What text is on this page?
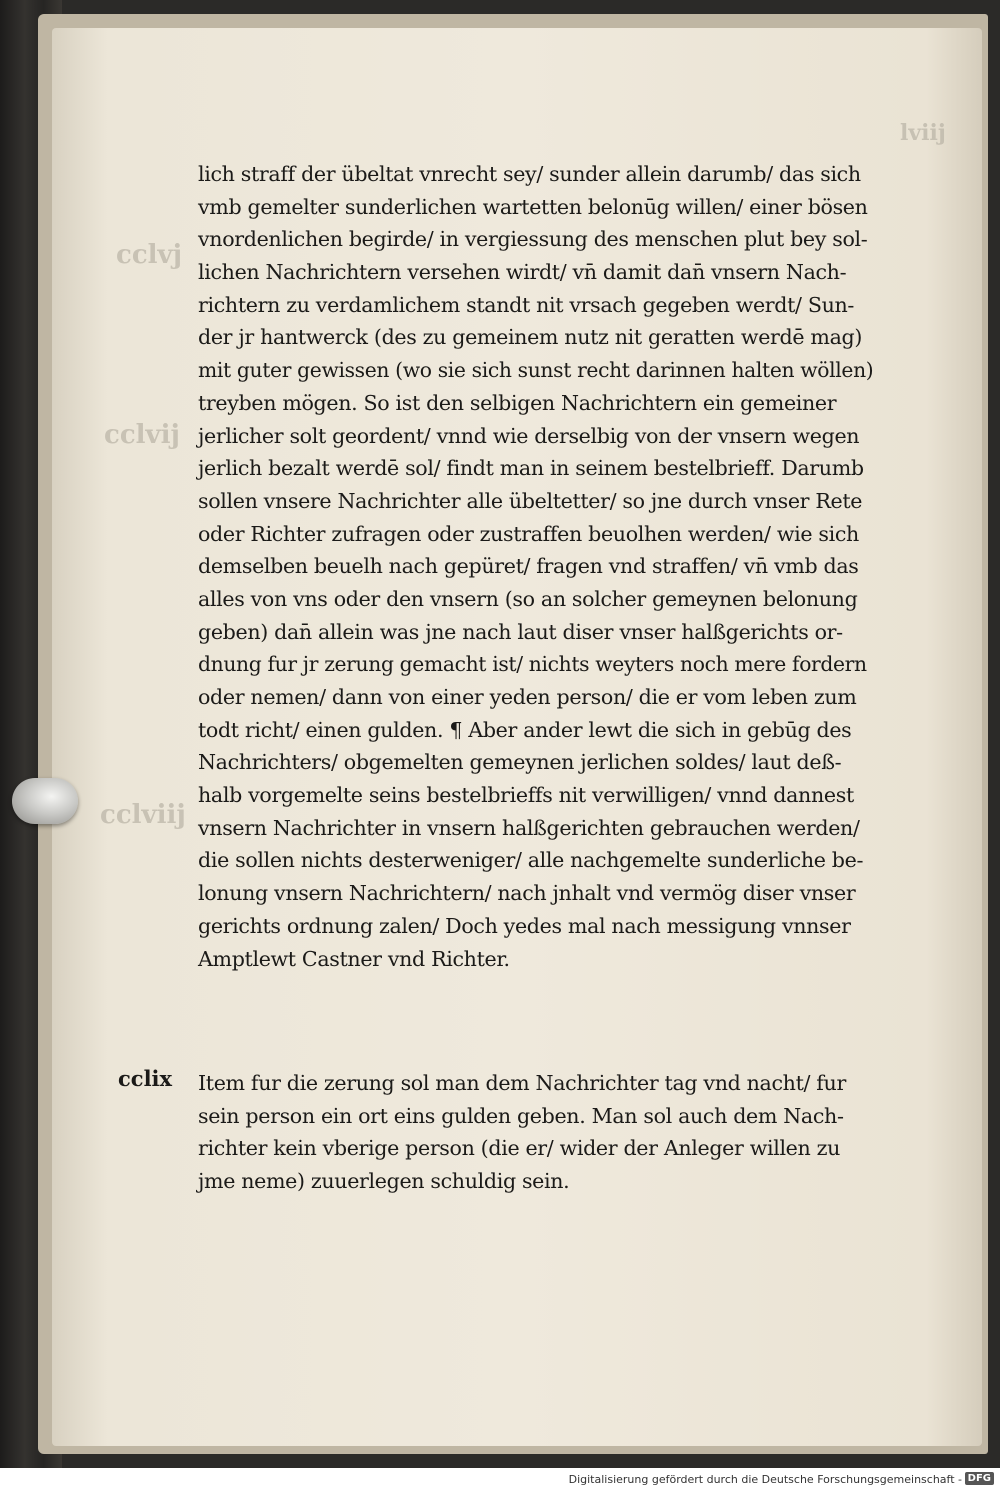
lviij
cclvj
cclvij
cclviij
lich straff der übeltat vnrecht sey/ sunder allein darumb/ das sich
vmb gemelter sunderlichen wartetten belonūg willen/ einer bösen
vnordenlichen begirde/ in vergiessung des menschen plut bey sol-
lichen Nachrichtern versehen wirdt/ vn̄ damit dan̄ vnsern Nach-
richtern zu verdamlichem standt nit vrsach gegeben werdt/ Sun-
der jr hantwerck (des zu gemeinem nutz nit geratten werdē mag)
mit guter gewissen (wo sie sich sunst recht darinnen halten wöllen)
treyben mögen. So ist den selbigen Nachrichtern ein gemeiner
jerlicher solt geordent/ vnnd wie derselbig von der vnsern wegen
jerlich bezalt werdē sol/ findt man in seinem bestelbrieff. Darumb
sollen vnsere Nachrichter alle übeltetter/ so jne durch vnser Rete
oder Richter zufragen oder zustraffen beuolhen werden/ wie sich
demselben beuelh nach gepüret/ fragen vnd straffen/ vn̄ vmb das
alles von vns oder den vnsern (so an solcher gemeynen belonung
geben) dan̄ allein was jne nach laut diser vnser halßgerichts or-
dnung fur jr zerung gemacht ist/ nichts weyters noch mere fordern
oder nemen/ dann von einer yeden person/ die er vom leben zum
todt richt/ einen gulden. ¶ Aber ander lewt die sich in gebūg des
Nachrichters/ obgemelten gemeynen jerlichen soldes/ laut deß-
halb vorgemelte seins bestelbrieffs nit verwilligen/ vnnd dannest
vnsern Nachrichter in vnsern halßgerichten gebrauchen werden/
die sollen nichts desterweniger/ alle nachgemelte sunderliche be-
lonung vnsern Nachrichtern/ nach jnhalt vnd vermög diser vnser
gerichts ordnung zalen/ Doch yedes mal nach messigung vnnser
Amptlewt Castner vnd Richter.
cclix Item fur die zerung sol man dem Nachrichter tag vnd nacht/ fur
sein person ein ort eins gulden geben. Man sol auch dem Nach-
richter kein vberige person (die er/ wider der Anleger willen zu
jme neme) zuuerlegen schuldig sein.
Digitalisierung gefördert durch die Deutsche Forschungsgemeinschaft - DFG
